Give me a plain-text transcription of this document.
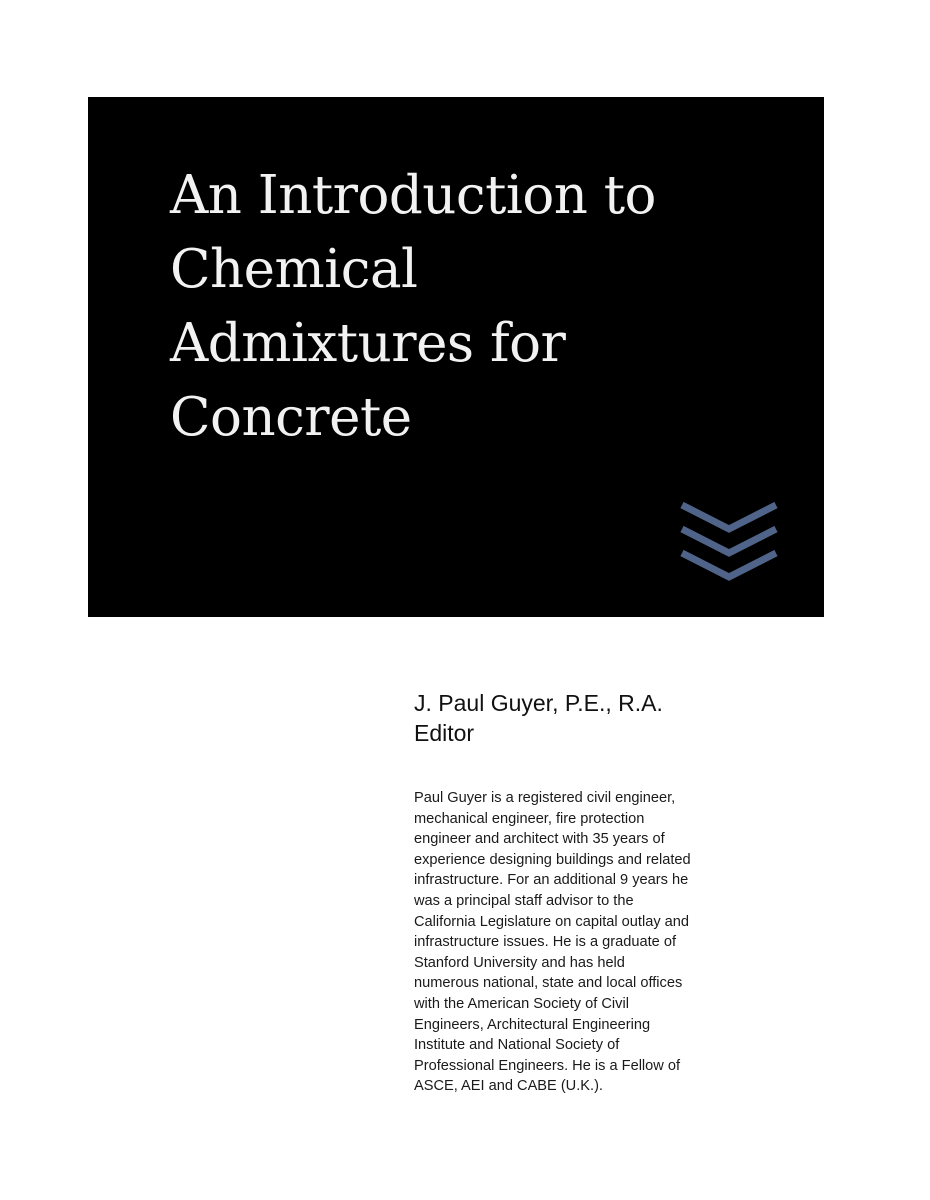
An Introduction to
Chemical
Admixtures for
Concrete

J. Paul Guyer, P.E., R.A.

Editor

Paul Guyer is a registered civil engineer,
mechanical engineer, fire protection
engineer and architect with 35 years of
experience designing buildings and related
infrastructure. For an additional 9 years he
was a principal staff advisor to the
California Legislature on capital outlay and
infrastructure issues. He is a graduate of
Stanford University and has held
numerous national, state and local offices
with the American Society of Civil
Engineers, Architectural Engineering
Institute and National Society of
Professional Engineers. He is a Fellow of
ASCE, AEI and CABE (U.K.).
